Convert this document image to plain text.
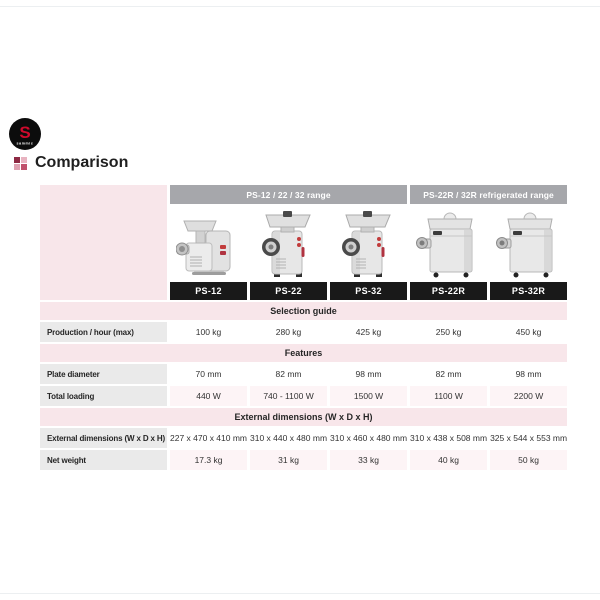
S
sammic
Comparison
PS-12 / 22 / 32 range	PS-22R / 32R refrigerated range
PS-12	PS-22	PS-32	PS-22R	PS-32R
Selection guide
Production / hour (max)	100 kg	280 kg	425 kg	250 kg	450 kg
Features
Plate diameter	70 mm	82 mm	98 mm	82 mm	98 mm
Total loading	440 W	740 - 1100 W	1500 W	1100 W	2200 W
External dimensions (W x D x H)
External dimensions (W x D x H) 227 x 470 x 410 mm 310 x 440 x 480 mm 310 x 460 x 480 mm 310 x 438 x 508 mm 325 x 544 x 553 mm
Net weight	17.3 kg	31 kg	33 kg	40 kg	50 kg
